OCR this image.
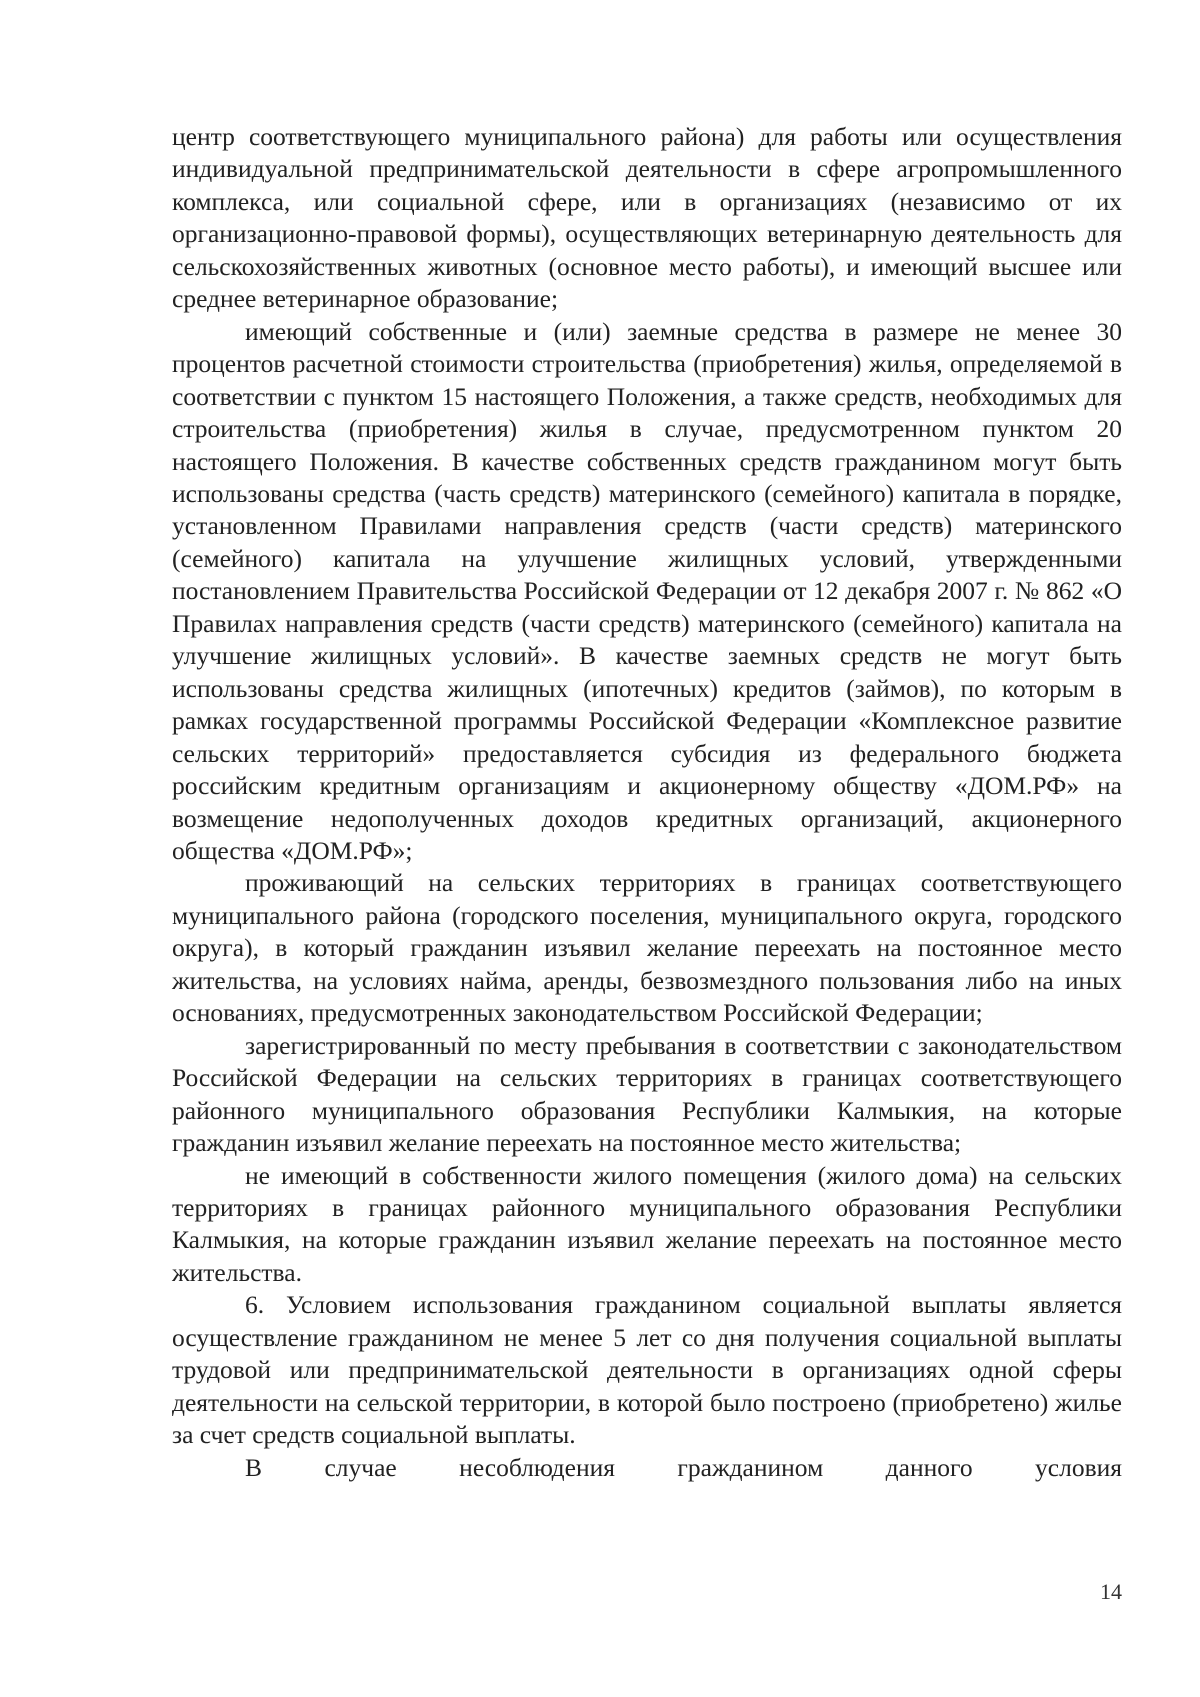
центр соответствующего муниципального района) для работы или осуществления индивидуальной предпринимательской деятельности в сфере агропромышленного комплекса, или социальной сфере, или в организациях (независимо от их организационно-правовой формы), осуществляющих ветеринарную деятельность для сельскохозяйственных животных (основное место работы), и имеющий высшее или среднее ветеринарное образование;

имеющий собственные и (или) заемные средства в размере не менее 30 процентов расчетной стоимости строительства (приобретения) жилья, определяемой в соответствии с пунктом 15 настоящего Положения, а также средств, необходимых для строительства (приобретения) жилья в случае, предусмотренном пунктом 20 настоящего Положения. В качестве собственных средств гражданином могут быть использованы средства (часть средств) материнского (семейного) капитала в порядке, установленном Правилами направления средств (части средств) материнского (семейного) капитала на улучшение жилищных условий, утвержденными постановлением Правительства Российской Федерации от 12 декабря 2007 г. № 862 «О Правилах направления средств (части средств) материнского (семейного) капитала на улучшение жилищных условий». В качестве заемных средств не могут быть использованы средства жилищных (ипотечных) кредитов (займов), по которым в рамках государственной программы Российской Федерации «Комплексное развитие сельских территорий» предоставляется субсидия из федерального бюджета российским кредитным организациям и акционерному обществу «ДОМ.РФ» на возмещение недополученных доходов кредитных организаций, акционерного общества «ДОМ.РФ»;

проживающий на сельских территориях в границах соответствующего муниципального района (городского поселения, муниципального округа, городского округа), в который гражданин изъявил желание переехать на постоянное место жительства, на условиях найма, аренды, безвозмездного пользования либо на иных основаниях, предусмотренных законодательством Российской Федерации;

зарегистрированный по месту пребывания в соответствии с законодательством Российской Федерации на сельских территориях в границах соответствующего районного муниципального образования Республики Калмыкия, на которые гражданин изъявил желание переехать на постоянное место жительства;

не имеющий в собственности жилого помещения (жилого дома) на сельских территориях в границах районного муниципального образования Республики Калмыкия, на которые гражданин изъявил желание переехать на постоянное место жительства.

6. Условием использования гражданином социальной выплаты является осуществление гражданином не менее 5 лет со дня получения социальной выплаты трудовой или предпринимательской деятельности в организациях одной сферы деятельности на сельской территории, в которой было построено (приобретено) жилье за счет средств социальной выплаты.

В случае несоблюдения гражданином данного условия

14
